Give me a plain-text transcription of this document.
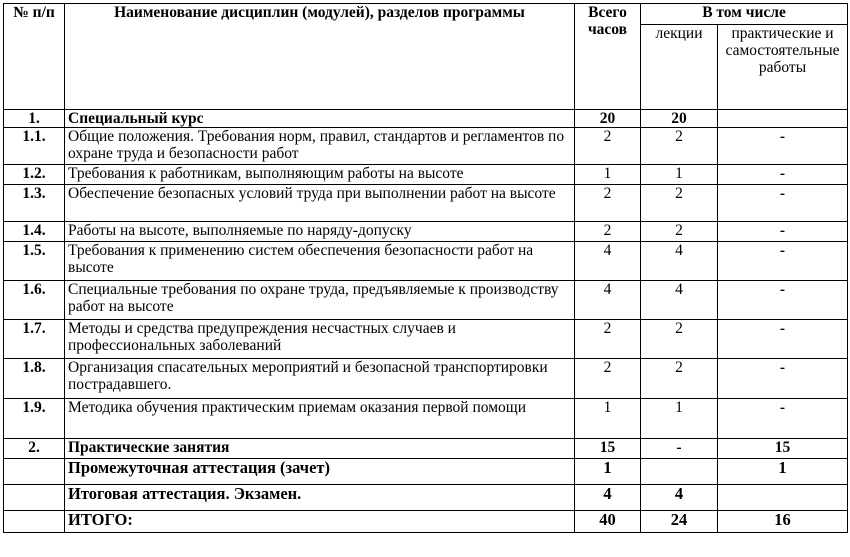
№ п/п	Наименование дисциплин (модулей), разделов программы	Всего часов	В том числе	
			лекции	практические и самостоятельные работы
1.	Специальный курс	20	20	
1.1.	Общие положения. Требования норм, правил, стандартов и регламентов по охране труда и безопасности работ	2	2	-
1.2.	Требования к работникам, выполняющим работы на высоте	1	1	-
1.3.	Обеспечение безопасных условий труда при выполнении работ на высоте	2	2	-
1.4.	Работы на высоте, выполняемые по наряду-допуску	2	2	-
1.5.	Требования к применению систем обеспечения безопасности работ на высоте	4	4	-
1.6.	Специальные требования по охране труда, предъявляемые к производству работ на высоте	4	4	-
1.7.	Методы и средства предупреждения несчастных случаев и профессиональных заболеваний	2	2	-
1.8.	Организация спасательных мероприятий и безопасной транспортировки пострадавшего.	2	2	-
1.9.	Методика обучения практическим приемам оказания первой помощи	1	1	-
2.	Практические занятия	15	-	15
	Промежуточная аттестация (зачет)	1		1
	Итоговая аттестация. Экзамен.	4	4	
	ИТОГО:	40	24	16
